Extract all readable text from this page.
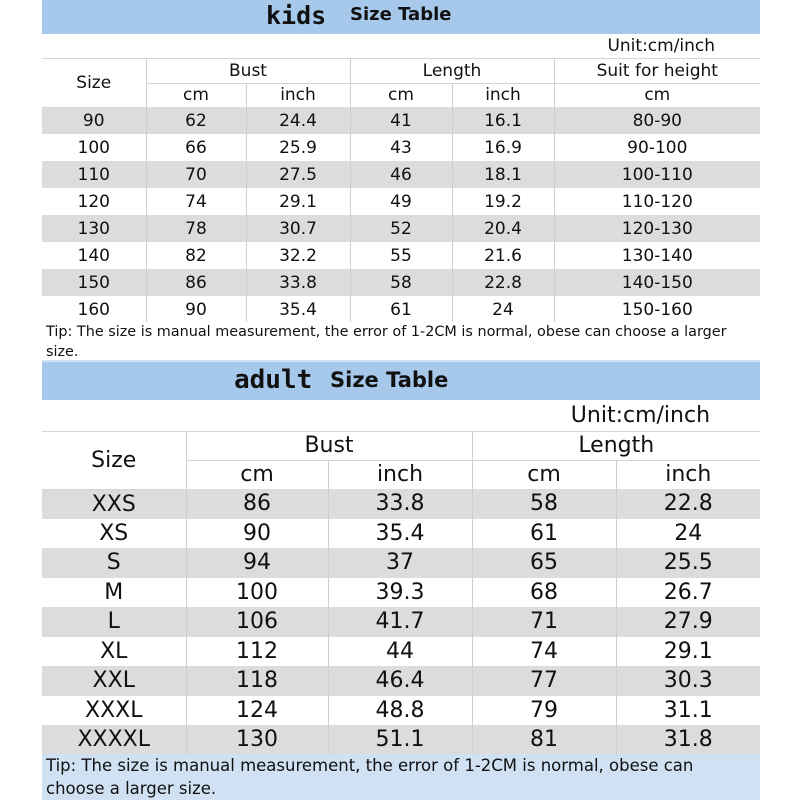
kids Size Table
Unit:cm/inch					
Size	Bust		Length		Suit for height
	cm	inch	cm	inch	cm
90	62	24.4	41	16.1	80-90
100	66	25.9	43	16.9	90-100
110	70	27.5	46	18.1	100-110
120	74	29.1	49	19.2	110-120
130	78	30.7	52	20.4	120-130
140	82	32.2	55	21.6	130-140
150	86	33.8	58	22.8	140-150
160	90	35.4	61	24	150-160
Tip: The size is manual measurement, the error of 1-2CM is normal, obese can choose a larger size.
adult Size Table
Unit:cm/inch				
Size	Bust		Length	
	cm	inch	cm	inch
XXS	86	33.8	58	22.8
XS	90	35.4	61	24
S	94	37	65	25.5
M	100	39.3	68	26.7
L	106	41.7	71	27.9
XL	112	44	74	29.1
XXL	118	46.4	77	30.3
XXXL	124	48.8	79	31.1
XXXXL	130	51.1	81	31.8
Tip: The size is manual measurement, the error of 1-2CM is normal, obese can choose a larger size.
